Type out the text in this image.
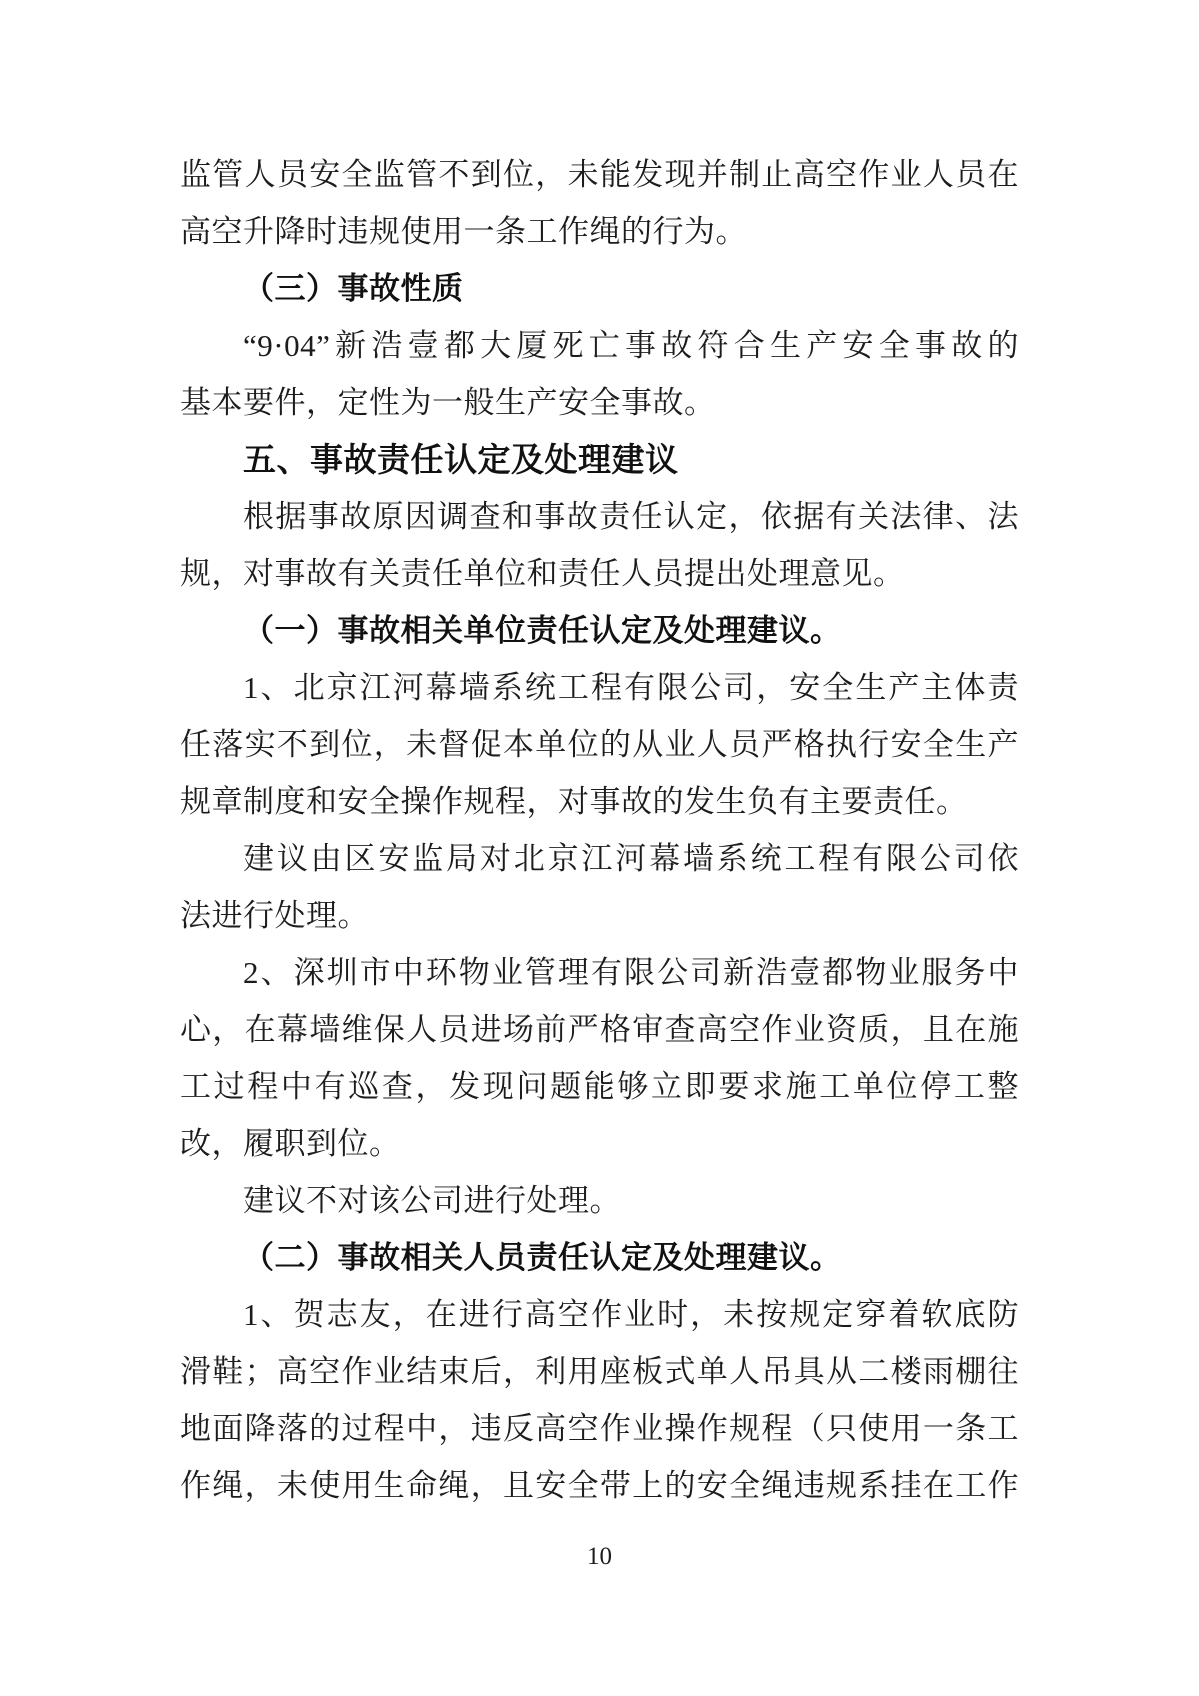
监管人员安全监管不到位，未能发现并制止高空作业人员在
高空升降时违规使用一条工作绳的行为。
（三）事故性质
“9·04”新浩壹都大厦死亡事故符合生产安全事故的
基本要件，定性为一般生产安全事故。
五、事故责任认定及处理建议
根据事故原因调查和事故责任认定，依据有关法律、法
规，对事故有关责任单位和责任人员提出处理意见。
（一）事故相关单位责任认定及处理建议。
1、北京江河幕墙系统工程有限公司，安全生产主体责
任落实不到位，未督促本单位的从业人员严格执行安全生产
规章制度和安全操作规程，对事故的发生负有主要责任。
建议由区安监局对北京江河幕墙系统工程有限公司依
法进行处理。
2、深圳市中环物业管理有限公司新浩壹都物业服务中
心，在幕墙维保人员进场前严格审查高空作业资质，且在施
工过程中有巡查，发现问题能够立即要求施工单位停工整
改，履职到位。
建议不对该公司进行处理。
（二）事故相关人员责任认定及处理建议。
1、贺志友，在进行高空作业时，未按规定穿着软底防
滑鞋；高空作业结束后，利用座板式单人吊具从二楼雨棚往
地面降落的过程中，违反高空作业操作规程（只使用一条工
作绳，未使用生命绳，且安全带上的安全绳违规系挂在工作
10
